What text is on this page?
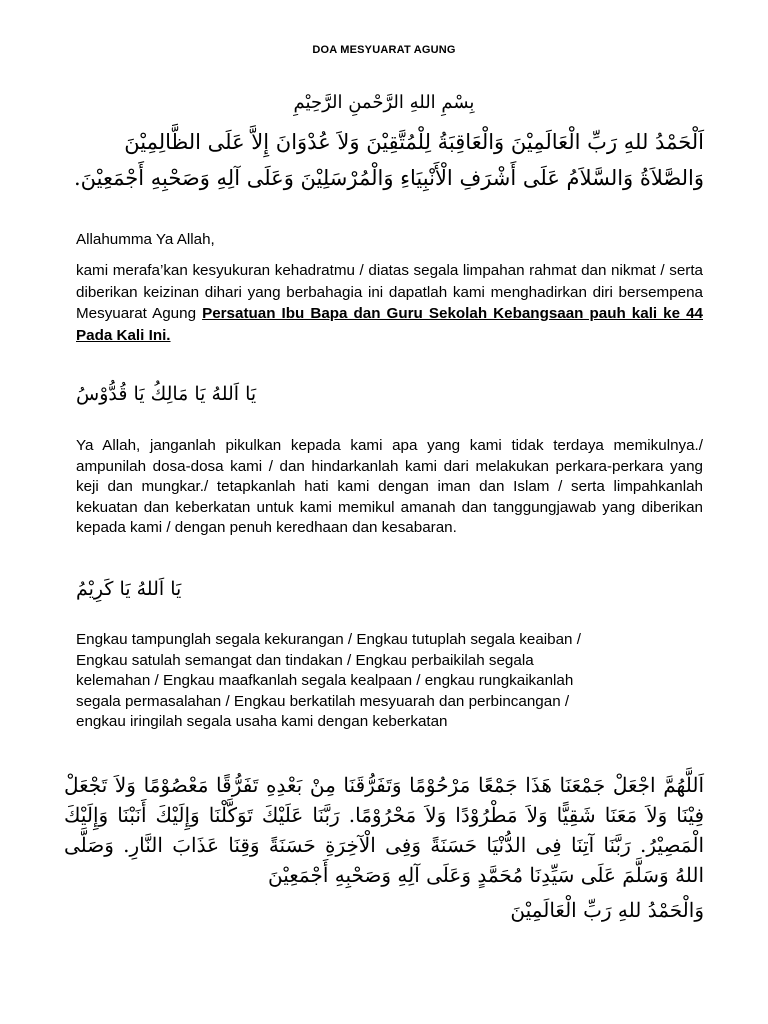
DOA MESYUARAT AGUNG
بِسْمِ اللهِ الرَّحْمنِ الرَّحِيْمِ
اَلْحَمْدُ للهِ رَبِّ الْعَالَمِيْنَ وَالْعَاقِبَةُ لِلْمُتَّقِيْنَ وَلاَ عُدْوَانَ إِلاَّ عَلَى الظَّالِمِيْنَ وَالصَّلاَةُ وَالسَّلاَمُ عَلَى أَشْرَفِ الْأَنْبِيَاءِ وَالْمُرْسَلِيْنَ وَعَلَى آلِهِ وَصَحْبِهِ أَجْمَعِيْنَ.
Allahumma Ya Allah,
kami merafa’kan kesyukuran kehadratmu / diatas segala limpahan rahmat dan nikmat / serta diberikan keizinan dihari yang berbahagia ini dapatlah kami menghadirkan diri bersempena Mesyuarat Agung Persatuan Ibu Bapa dan Guru Sekolah Kebangsaan pauh kali ke 44 Pada Kali Ini.
يَا اَللهُ يَا مَالِكُ يَا قُدُّوْسُ
Ya Allah, janganlah pikulkan kepada kami apa yang kami tidak terdaya memikulnya./ ampunilah dosa-dosa kami / dan hindarkanlah kami dari melakukan perkara-perkara yang keji dan mungkar./ tetapkanlah hati kami dengan iman dan Islam / serta limpahkanlah kekuatan dan keberkatan untuk kami memikul amanah dan tanggungjawab yang diberikan kepada kami / dengan penuh keredhaan dan kesabaran.
يَا اَللهُ يَا كَرِيْمُ
Engkau tampunglah segala kekurangan / Engkau tutuplah segala keaiban /
Engkau satulah semangat dan tindakan / Engkau perbaikilah segala
kelemahan / Engkau maafkanlah segala kealpaan / engkau rungkaikanlah
segala permasalahan / Engkau berkatilah mesyuarah dan perbincangan /
engkau iringilah segala usaha kami dengan keberkatan
اَللَّهُمَّ اجْعَلْ جَمْعَنَا هَذَا جَمْعًا مَرْحُوْمًا وَتَفَرُّقَنَا مِنْ بَعْدِهِ تَفَرُّقًا مَعْصُوْمًا وَلاَ تَجْعَلْ فِيْنَا وَلاَ مَعَنَا شَقِيًّا وَلاَ مَطْرُوْدًا وَلاَ مَحْرُوْمًا. رَبَّنَا عَلَيْكَ تَوَكَّلْنَا وَإِلَيْكَ أَنَبْنَا وَإِلَيْكَ الْمَصِيْرُ. رَبَّنَا آتِنَا فِى الدُّنْيَا حَسَنَةً وَفِى الْآخِرَةِ حَسَنَةً وَقِنَا عَذَابَ النَّارِ. وَصَلَّى اللهُ وَسَلَّمَ عَلَى سَيِّدِنَا مُحَمَّدٍ وَعَلَى آلِهِ وَصَحْبِهِ أَجْمَعِيْنَ
وَالْحَمْدُ للهِ رَبِّ الْعَالَمِيْنَ
